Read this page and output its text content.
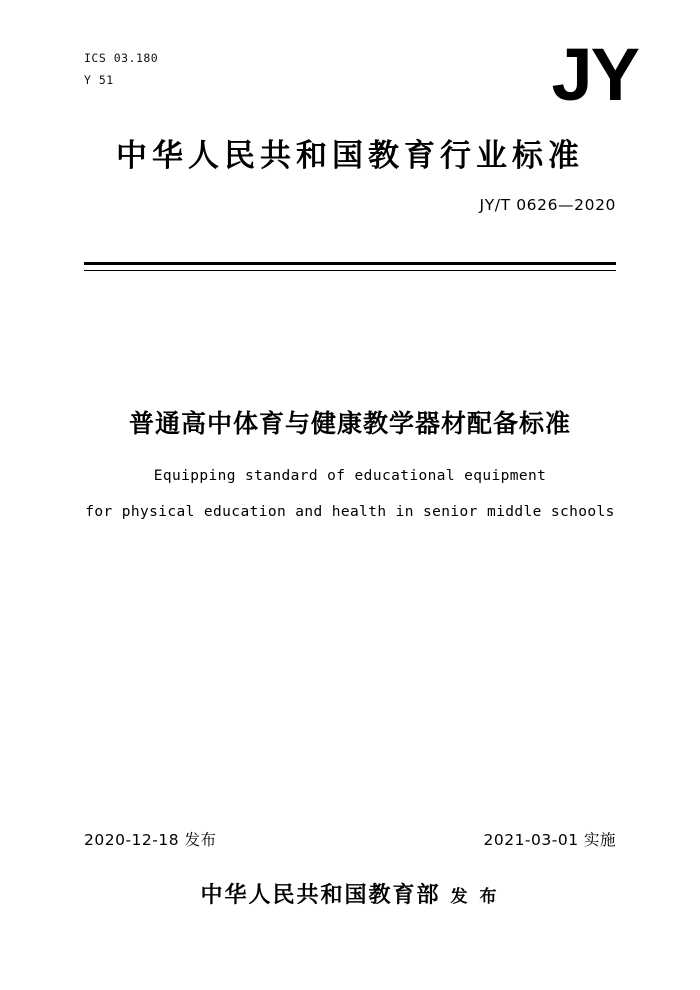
ICS 03.180
Y 51	JY
中华人民共和国教育行业标准
JY/T 0626—2020
普通高中体育与健康教学器材配备标准
Equipping standard of educational equipment
for physical education and health in senior middle schools
2020-12-18 发布	2021-03-01 实施
中华人民共和国教育部 发 布
